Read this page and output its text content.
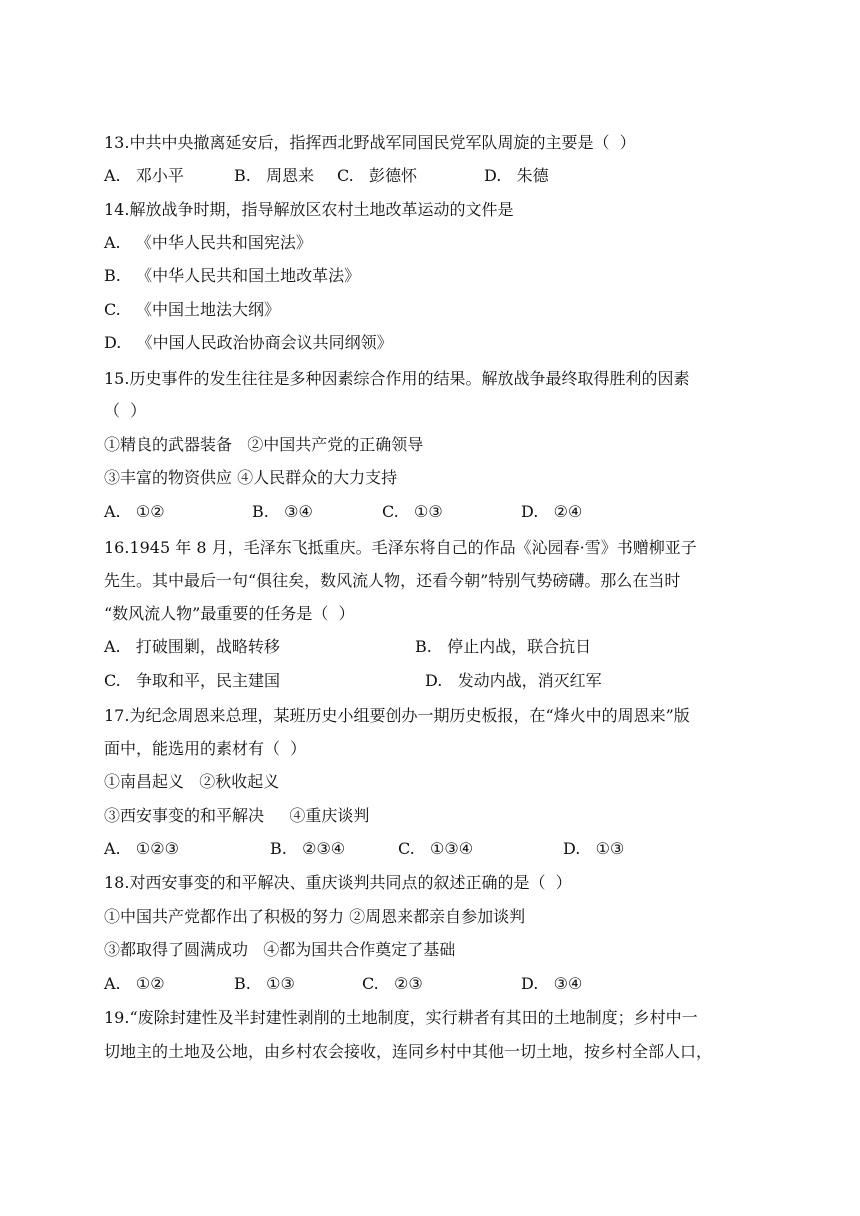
13.中共中央撤离延安后，指挥西北野战军同国民党军队周旋的主要是（  ）
A.   邓小平	B.   周恩来 C.   彭德怀	D.   朱德
14.解放战争时期，指导解放区农村土地改革运动的文件是
A.   《中华人民共和国宪法》
B.   《中华人民共和国土地改革法》
C.   《中国土地法大纲》
D.   《中国人民政治协商会议共同纲领》
15.历史事件的发生往往是多种因素综合作用的结果。解放战争最终取得胜利的因素
（  ）
①精良的武器装备   ②中国共产党的正确领导
③丰富的物资供应 ④人民群众的大力支持
A.   ①②	B.   ③④	C.   ①③	D.   ②④
16.1945 年 8 月，毛泽东飞抵重庆。毛泽东将自己的作品《沁园春·雪》书赠柳亚子
先生。其中最后一句“俱往矣，数风流人物，还看今朝”特别气势磅礴。那么在当时
“数风流人物”最重要的任务是（  ）
A.   打破围剿，战略转移	B.   停止内战，联合抗日
C.   争取和平，民主建国	D.   发动内战，消灭红军
17.为纪念周恩来总理，某班历史小组要创办一期历史板报，在“烽火中的周恩来”版
面中，能选用的素材有（  ）
①南昌起义   ②秋收起义
③西安事变的和平解决     ④重庆谈判
A.   ①②③	B.   ②③④	C.   ①③④	D.   ①③
18.对西安事变的和平解决、重庆谈判共同点的叙述正确的是（  ）
①中国共产党都作出了积极的努力 ②周恩来都亲自参加谈判
③都取得了圆满成功   ④都为国共合作奠定了基础
A.   ①②	B.   ①③	C.   ②③	D.   ③④
19.“废除封建性及半封建性剥削的土地制度，实行耕者有其田的土地制度；乡村中一
切地主的土地及公地，由乡村农会接收，连同乡村中其他一切土地，按乡村全部人口，
